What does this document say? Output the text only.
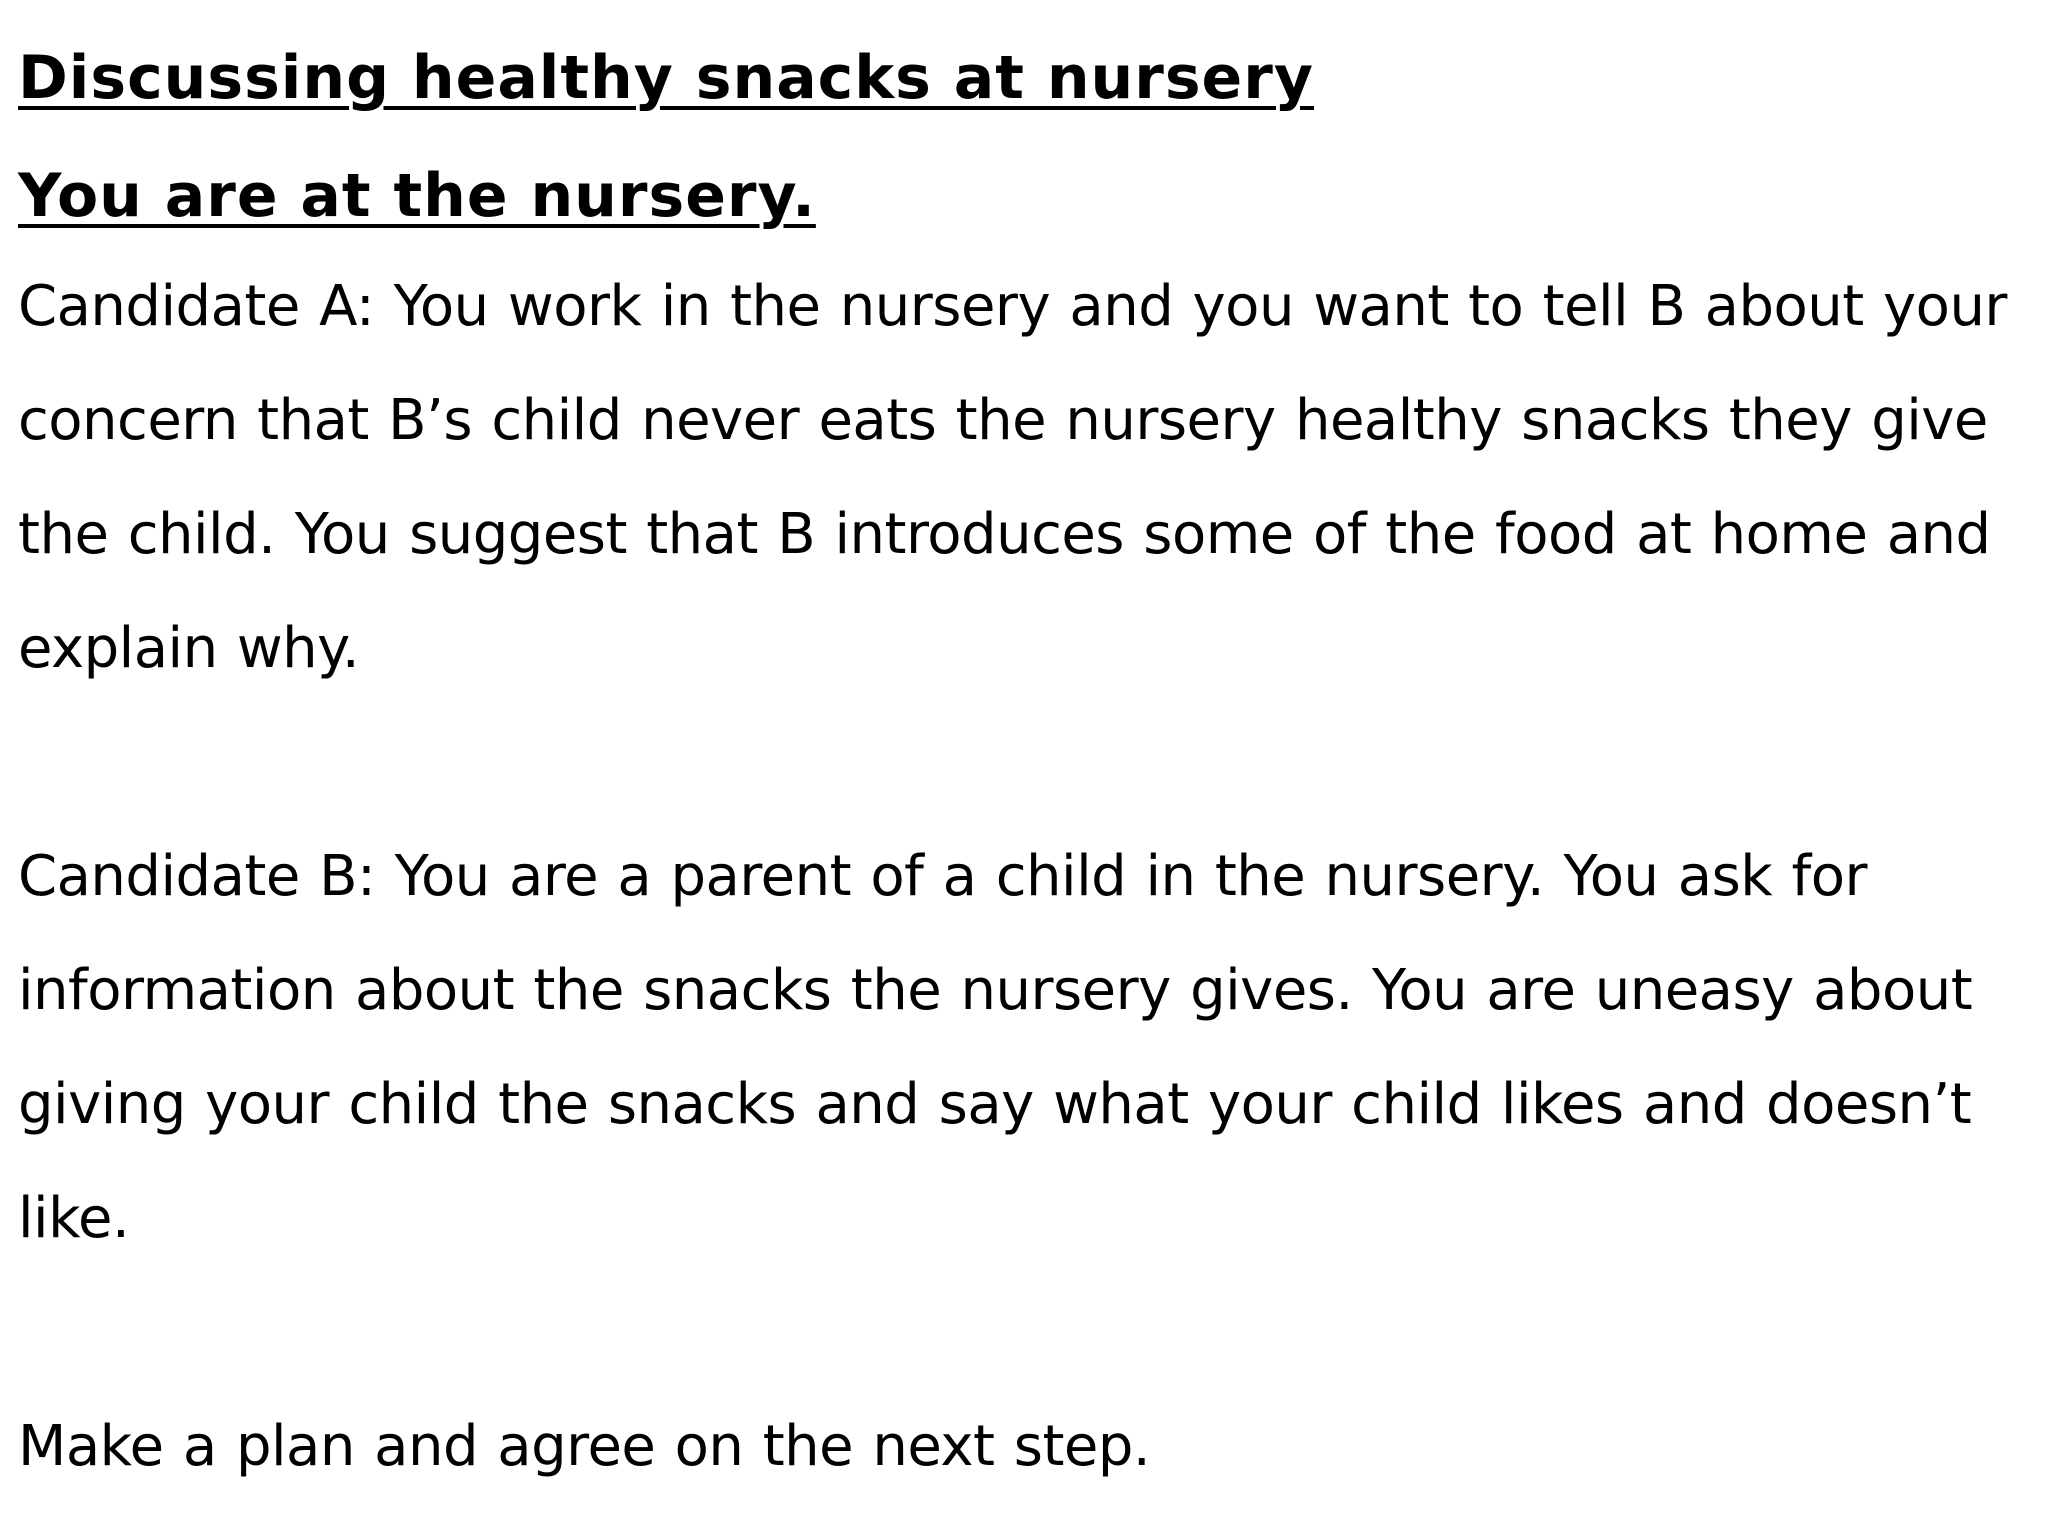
Discussing healthy snacks at nursery
You are at the nursery.

Candidate A: You work in the nursery and you want to tell B about your concern that B’s child never eats the nursery healthy snacks they give the child. You suggest that B introduces some of the food at home and explain why.

Candidate B: You are a parent of a child in the nursery. You ask for information about the snacks the nursery gives. You are uneasy about giving your child the snacks and say what your child likes and doesn’t like.

Make a plan and agree on the next step.
